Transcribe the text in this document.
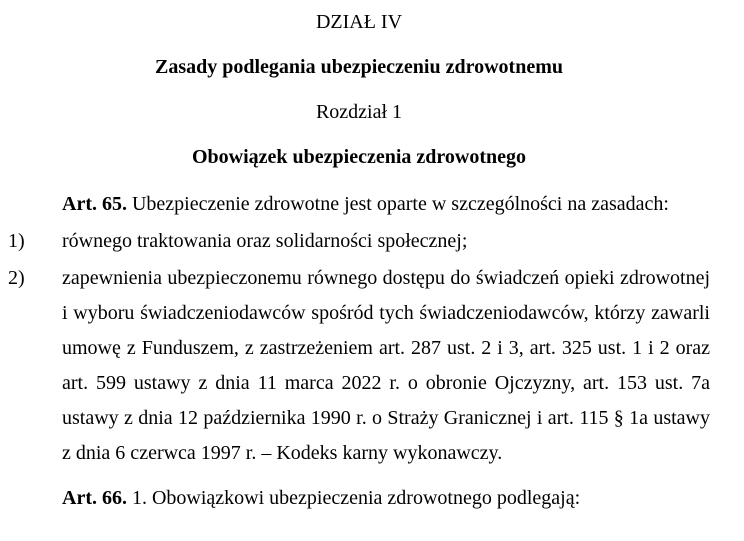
DZIAŁ IV
Zasady podlegania ubezpieczeniu zdrowotnemu
Rozdział 1
Obowiązek ubezpieczenia zdrowotnego

Art. 65. Ubezpieczenie zdrowotne jest oparte w szczególności na zasadach:

1) równego traktowania oraz solidarności społecznej;
2) zapewnienia ubezpieczonemu równego dostępu do świadczeń opieki zdrowotnej i wyboru świadczeniodawców spośród tych świadczeniodawców, którzy zawarli umowę z Funduszem, z zastrzeżeniem art. 287 ust. 2 i 3, art. 325 ust. 1 i 2 oraz art. 599 ustawy z dnia 11 marca 2022 r. o obronie Ojczyzny, art. 153 ust. 7a ustawy z dnia 12 października 1990 r. o Straży Granicznej i art. 115 § 1a ustawy z dnia 6 czerwca 1997 r. – Kodeks karny wykonawczy.

Art. 66. 1. Obowiązkowi ubezpieczenia zdrowotnego podlegają:
